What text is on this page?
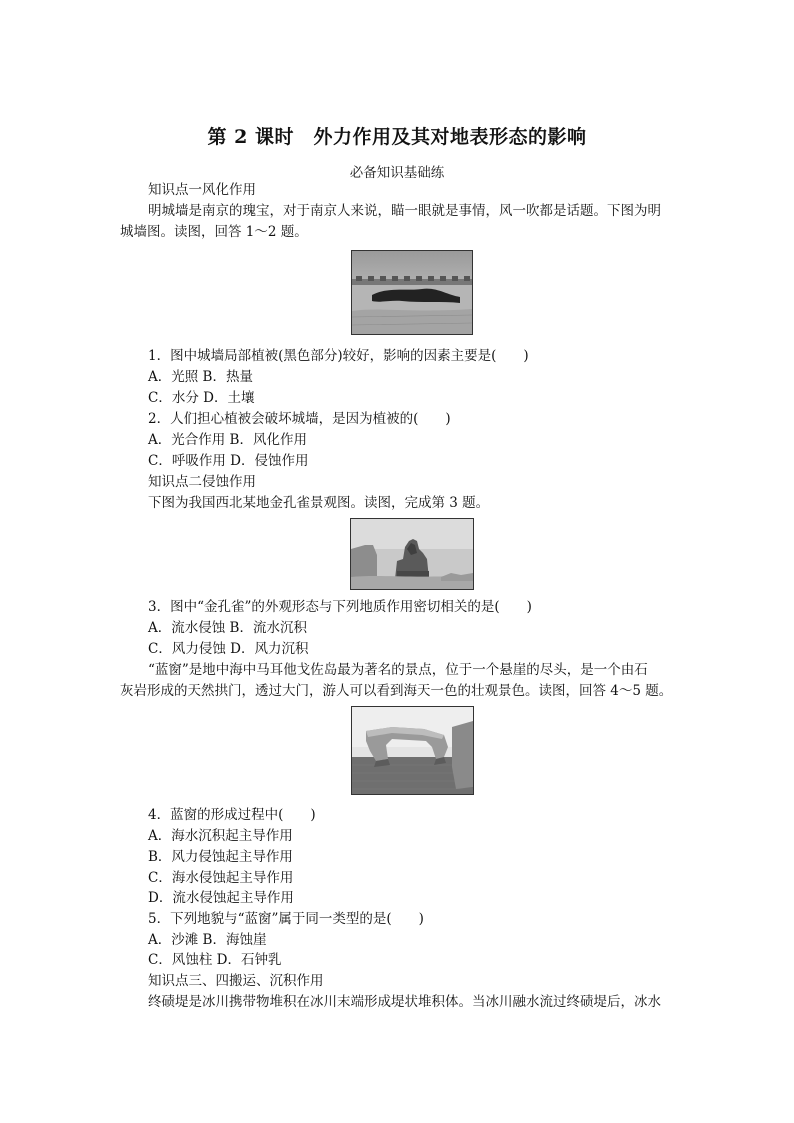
第 2 课时　外力作用及其对地表形态的影响
必备知识基础练
知识点一风化作用
明城墙是南京的瑰宝，对于南京人来说，瞄一眼就是事情，风一吹都是话题。下图为明
城墙图。读图，回答 1～2 题。
1．图中城墙局部植被(黑色部分)较好，影响的因素主要是(　　)
A．光照 B．热量
C．水分 D．土壤
2．人们担心植被会破坏城墙，是因为植被的(　　)
A．光合作用 B．风化作用
C．呼吸作用 D．侵蚀作用
知识点二侵蚀作用
下图为我国西北某地金孔雀景观图。读图，完成第 3 题。
3．图中“金孔雀”的外观形态与下列地质作用密切相关的是(　　)
A．流水侵蚀 B．流水沉积
C．风力侵蚀 D．风力沉积
“蓝窗”是地中海中马耳他戈佐岛最为著名的景点，位于一个悬崖的尽头，是一个由石
灰岩形成的天然拱门，透过大门，游人可以看到海天一色的壮观景色。读图，回答 4～5 题。
4．蓝窗的形成过程中(　　)
A．海水沉积起主导作用
B．风力侵蚀起主导作用
C．海水侵蚀起主导作用
D．流水侵蚀起主导作用
5．下列地貌与“蓝窗”属于同一类型的是(　　)
A．沙滩 B．海蚀崖
C．风蚀柱 D．石钟乳
知识点三、四搬运、沉积作用
终碛堤是冰川携带物堆积在冰川末端形成堤状堆积体。当冰川融水流过终碛堤后，冰水
